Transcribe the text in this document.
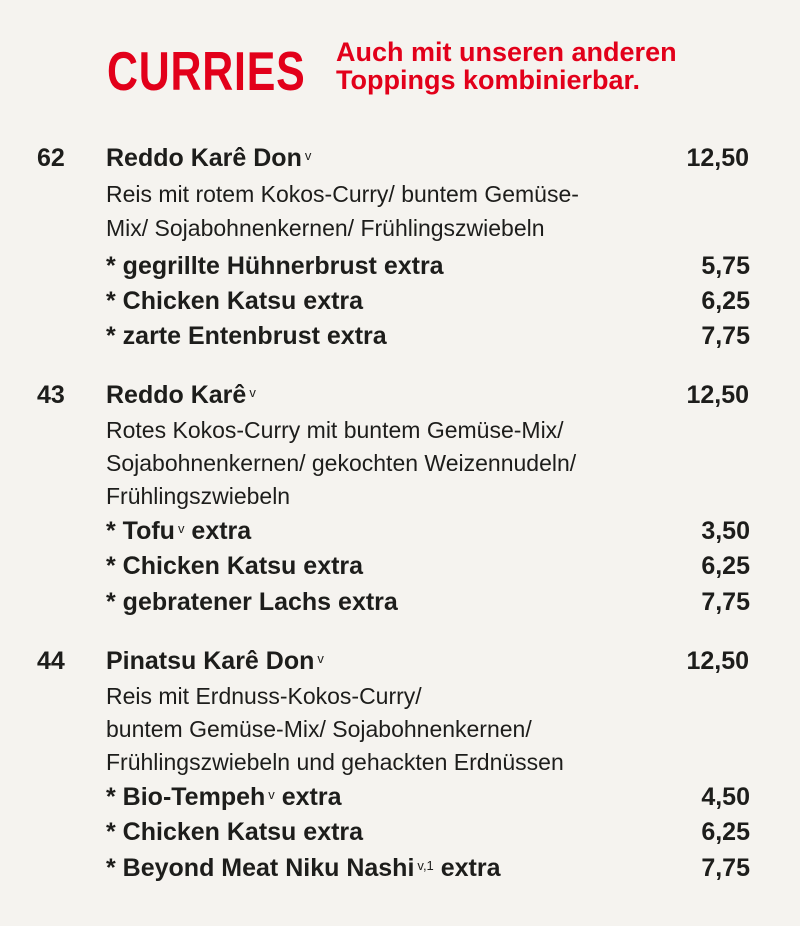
CURRIES Auch mit unseren anderen
Toppings kombinierbar.
62 Reddo Karê Don $^v$	12,50
Reis mit rotem Kokos-Curry/ buntem Gemüse-
Mix/ Sojabohnenkernen/ Frühlingszwiebeln
* gegrillte Hühnerbrust extra	5,75
* Chicken Katsu extra	6,25
* zarte Entenbrust extra	7,75
43 Reddo Karê $^v$	12,50
Rotes Kokos-Curry mit buntem Gemüse-Mix/
Sojabohnenkernen/ gekochten Weizennudeln/
Frühlingszwiebeln
* Tofu $^v$ extra	3,50
* Chicken Katsu extra	6,25
* gebratener Lachs extra	7,75
44 Pinatsu Karê Don $^v$	12,50
Reis mit Erdnuss-Kokos-Curry/
buntem Gemüse-Mix/ Sojabohnenkernen/
Frühlingszwiebeln und gehackten Erdnüssen
* Bio-Tempeh $^v$ extra	4,50
* Chicken Katsu extra	6,25
* Beyond Meat Niku Nashi $^{v,1}$ extra	7,75
